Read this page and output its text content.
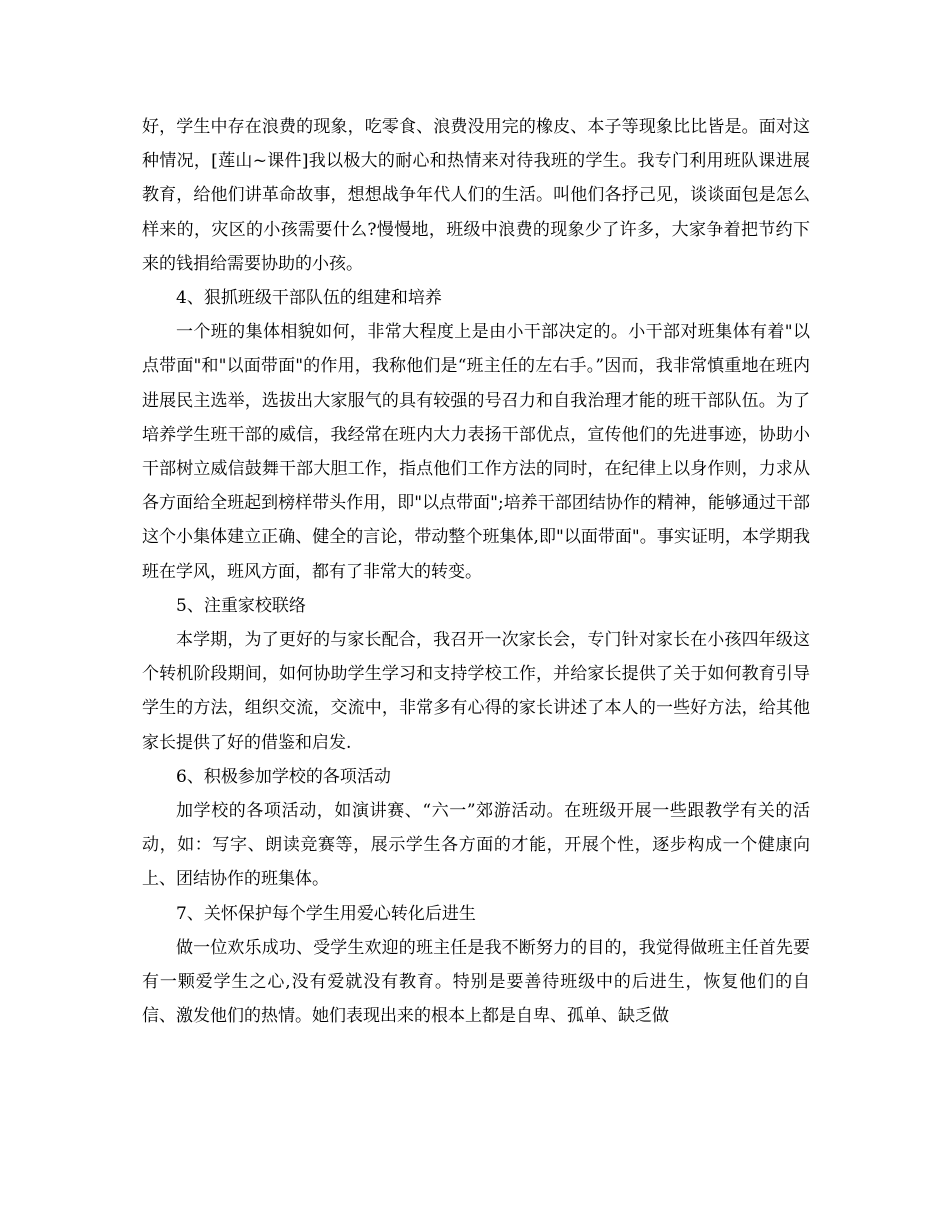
好，学生中存在浪费的现象，吃零食、浪费没用完的橡皮、本子等现象比比皆是。面对这种情况，[莲山~课件]我以极大的耐心和热情来对待我班的学生。我专门利用班队课进展教育，给他们讲革命故事，想想战争年代人们的生活。叫他们各抒己见，谈谈面包是怎么样来的，灾区的小孩需要什么?慢慢地，班级中浪费的现象少了许多，大家争着把节约下来的钱捐给需要协助的小孩。

4、狠抓班级干部队伍的组建和培养

一个班的集体相貌如何，非常大程度上是由小干部决定的。小干部对班集体有着"以点带面"和"以面带面"的作用，我称他们是“班主任的左右手。”因而，我非常慎重地在班内进展民主选举，选拔出大家服气的具有较强的号召力和自我治理才能的班干部队伍。为了培养学生班干部的威信，我经常在班内大力表扬干部优点，宣传他们的先进事迹，协助小干部树立威信鼓舞干部大胆工作，指点他们工作方法的同时，在纪律上以身作则，力求从各方面给全班起到榜样带头作用，即"以点带面";培养干部团结协作的精神，能够通过干部这个小集体建立正确、健全的言论，带动整个班集体,即"以面带面"。事实证明，本学期我班在学风，班风方面，都有了非常大的转变。

5、注重家校联络

本学期，为了更好的与家长配合，我召开一次家长会，专门针对家长在小孩四年级这个转机阶段期间，如何协助学生学习和支持学校工作，并给家长提供了关于如何教育引导学生的方法，组织交流，交流中，非常多有心得的家长讲述了本人的一些好方法，给其他家长提供了好的借鉴和启发.

6、积极参加学校的各项活动

加学校的各项活动，如演讲赛、“六一”郊游活动。在班级开展一些跟教学有关的活动，如：写字、朗读竞赛等，展示学生各方面的才能，开展个性，逐步构成一个健康向上、团结协作的班集体。

7、关怀保护每个学生用爱心转化后进生

做一位欢乐成功、受学生欢迎的班主任是我不断努力的目的，我觉得做班主任首先要有一颗爱学生之心,没有爱就没有教育。特别是要善待班级中的后进生，恢复他们的自信、激发他们的热情。她们表现出来的根本上都是自卑、孤单、缺乏做
